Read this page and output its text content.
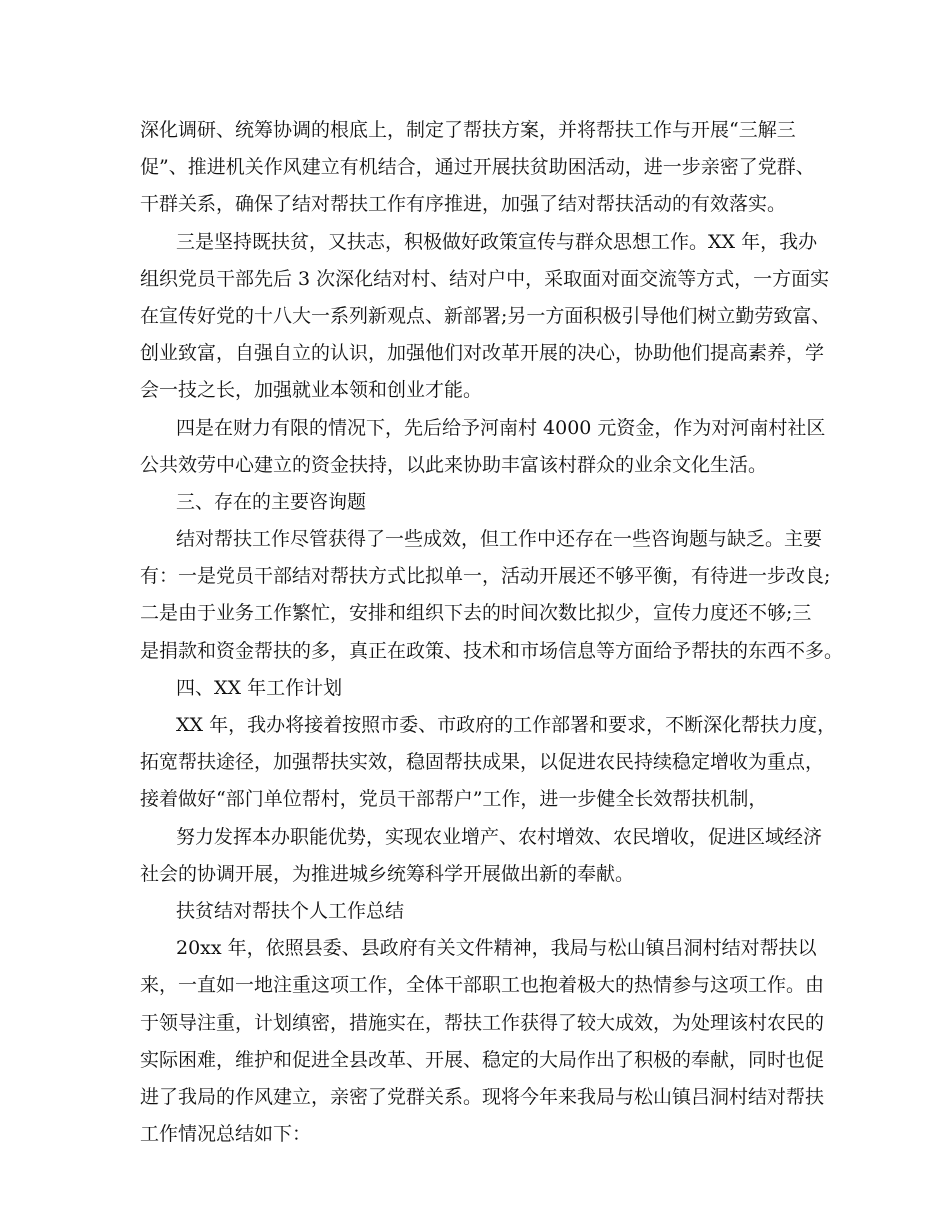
深化调研、统筹协调的根底上，制定了帮扶方案，并将帮扶工作与开展“三解三
促”、推进机关作风建立有机结合，通过开展扶贫助困活动，进一步亲密了党群、
干群关系，确保了结对帮扶工作有序推进，加强了结对帮扶活动的有效落实。
三是坚持既扶贫，又扶志，积极做好政策宣传与群众思想工作。XX 年，我办
组织党员干部先后 3 次深化结对村、结对户中，采取面对面交流等方式，一方面实
在宣传好党的十八大一系列新观点、新部署;另一方面积极引导他们树立勤劳致富、
创业致富，自强自立的认识，加强他们对改革开展的决心，协助他们提高素养，学
会一技之长，加强就业本领和创业才能。
四是在财力有限的情况下，先后给予河南村 4000 元资金，作为对河南村社区
公共效劳中心建立的资金扶持，以此来协助丰富该村群众的业余文化生活。
三、存在的主要咨询题
结对帮扶工作尽管获得了一些成效，但工作中还存在一些咨询题与缺乏。主要
有：一是党员干部结对帮扶方式比拟单一，活动开展还不够平衡，有待进一步改良;
二是由于业务工作繁忙，安排和组织下去的时间次数比拟少，宣传力度还不够;三
是捐款和资金帮扶的多，真正在政策、技术和市场信息等方面给予帮扶的东西不多。
四、XX 年工作计划
XX 年，我办将接着按照市委、市政府的工作部署和要求，不断深化帮扶力度，
拓宽帮扶途径，加强帮扶实效，稳固帮扶成果，以促进农民持续稳定增收为重点，
接着做好“部门单位帮村，党员干部帮户”工作，进一步健全长效帮扶机制，
努力发挥本办职能优势，实现农业增产、农村增效、农民增收，促进区域经济
社会的协调开展，为推进城乡统筹科学开展做出新的奉献。
扶贫结对帮扶个人工作总结
20xx 年，依照县委、县政府有关文件精神，我局与松山镇吕洞村结对帮扶以
来，一直如一地注重这项工作，全体干部职工也抱着极大的热情参与这项工作。由
于领导注重，计划缜密，措施实在，帮扶工作获得了较大成效，为处理该村农民的
实际困难，维护和促进全县改革、开展、稳定的大局作出了积极的奉献，同时也促
进了我局的作风建立，亲密了党群关系。现将今年来我局与松山镇吕洞村结对帮扶
工作情况总结如下：
